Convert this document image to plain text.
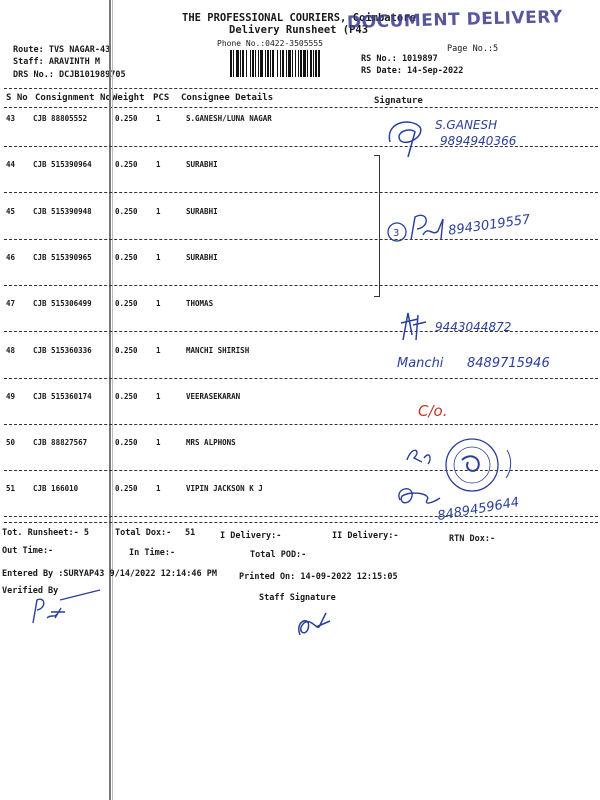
THE PROFESSIONAL COURIERS, Coimbatore
Delivery Runsheet (P43
DOCUMENT DELIVERY
Phone No.:0422-3505555
Page No.:5
Route: TVS NAGAR-43
Staff: ARAVINTH M
DRS No.: DCJB101989705
RS No.: 1019897
RS Date: 14-Sep-2022
S No Consignment No Weight PCS Consignee Details	Signature
43 CJB 88805552	0.250 1	S.GANESH/LUNA NAGAR
44 CJB 515390964	0.250 1	SURABHI
45 CJB 515390948	0.250 1	SURABHI
46 CJB 515390965	0.250 1	SURABHI
47 CJB 515306499	0.250 1	THOMAS
48 CJB 515360336	0.250 1	MANCHI SHIRISH
49 CJB 515360174	0.250 1	VEERASEKARAN
50 CJB 88827567	0.250 1	MRS ALPHONS
51 CJB 166010	0.250 1	VIPIN JACKSON K J
S.GANESH
9894940366
3	8943019557
9443044872
Manchi 8489715946
C/o.
8489459644
Tot. Runsheet:- 5	Total Dox:- 51	I Delivery:-	II Delivery:-	RTN Dox:-
Out Time:-	In Time:-	Total POD:-
Entered By :SURYAP43 9/14/2022 12:14:46 PM	Printed On: 14-09-2022 12:15:05
Verified By
Staff Signature
